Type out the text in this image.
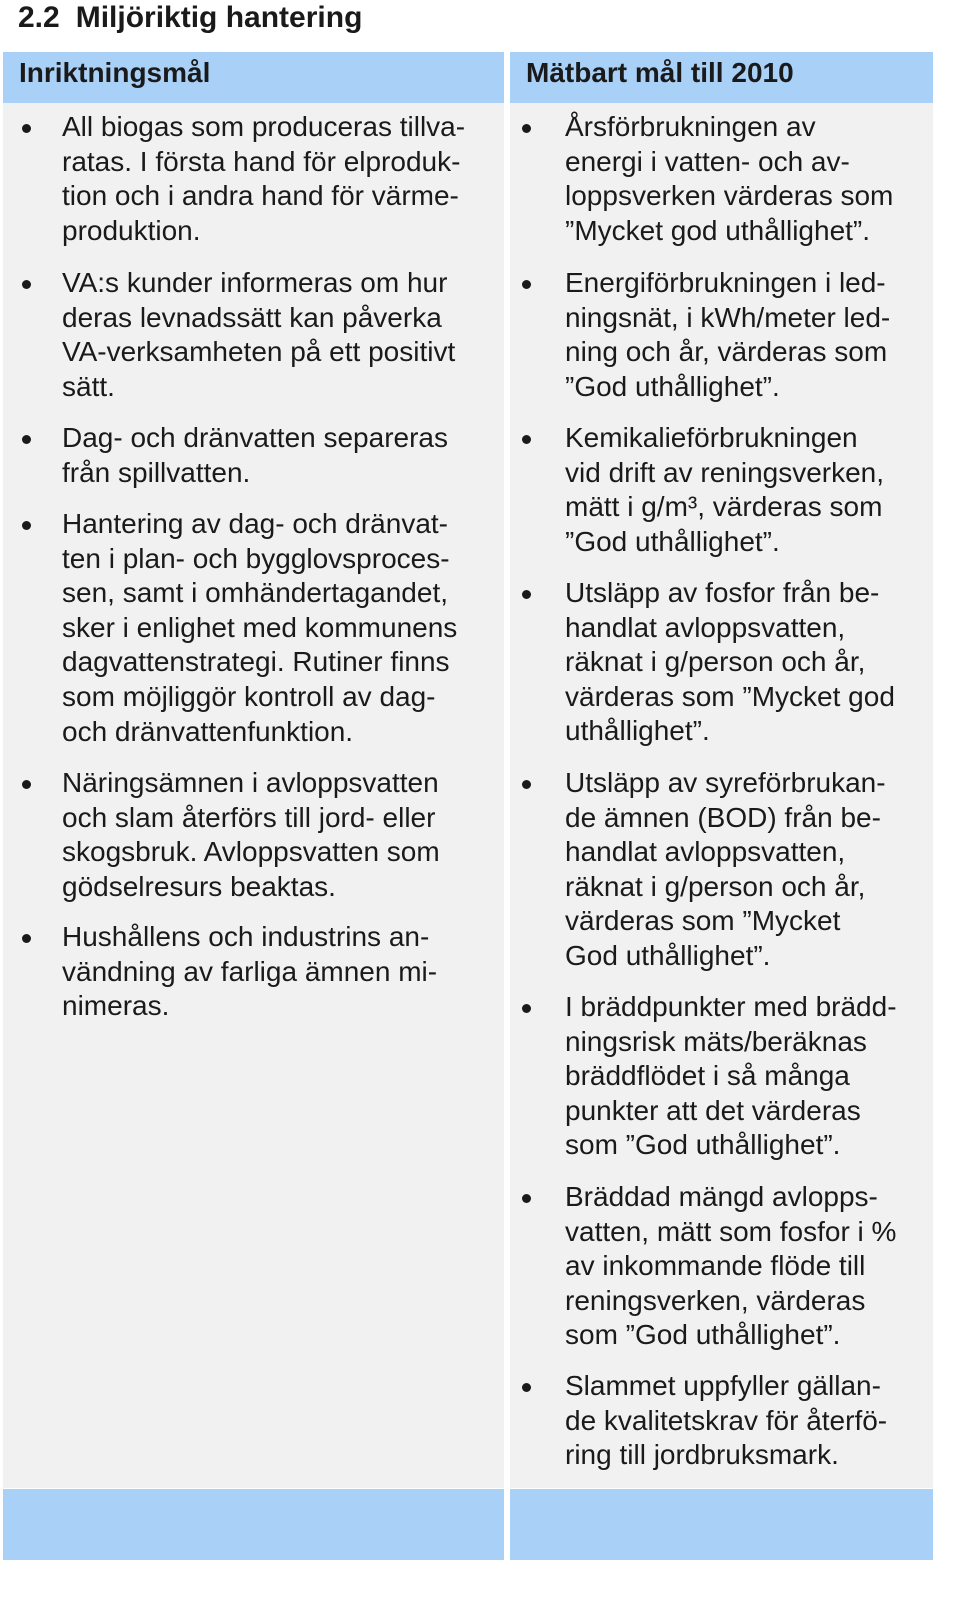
2.2 Miljöriktig hantering
Inriktningsmål	Mätbart mål till 2010
All biogas som produceras tillva-
ratas. I första hand för elproduk-
tion och i andra hand för värme-
produktion.
VA:s kunder informeras om hur
deras levnadssätt kan påverka
VA-verksamheten på ett positivt
sätt.
Dag- och dränvatten separeras
från spillvatten.
Hantering av dag- och dränvat-
ten i plan- och bygglovsproces-
sen, samt i omhändertagandet,
sker i enlighet med kommunens
dagvattenstrategi. Rutiner finns
som möjliggör kontroll av dag-
och dränvattenfunktion.
Näringsämnen i avloppsvatten
och slam återförs till jord- eller
skogsbruk. Avloppsvatten som
gödselresurs beaktas.
Hushållens och industrins an-
vändning av farliga ämnen mi-
nimeras.
Årsförbrukningen av
energi i vatten- och av-
loppsverken värderas som
”Mycket god uthållighet”.
Energiförbrukningen i led-
ningsnät, i kWh/meter led-
ning och år, värderas som
”God uthållighet”.
Kemikalieförbrukningen
vid drift av reningsverken,
mätt i g/m³, värderas som
”God uthållighet”.
Utsläpp av fosfor från be-
handlat avloppsvatten,
räknat i g/person och år,
värderas som ”Mycket god
uthållighet”.
Utsläpp av syreförbrukan-
de ämnen (BOD) från be-
handlat avloppsvatten,
räknat i g/person och år,
värderas som ”Mycket
God uthållighet”.
I bräddpunkter med brädd-
ningsrisk mäts/beräknas
bräddflödet i så många
punkter att det värderas
som ”God uthållighet”.
Bräddad mängd avlopps-
vatten, mätt som fosfor i %
av inkommande flöde till
reningsverken, värderas
som ”God uthållighet”.
Slammet uppfyller gällan-
de kvalitetskrav för återfö-
ring till jordbruksmark.
